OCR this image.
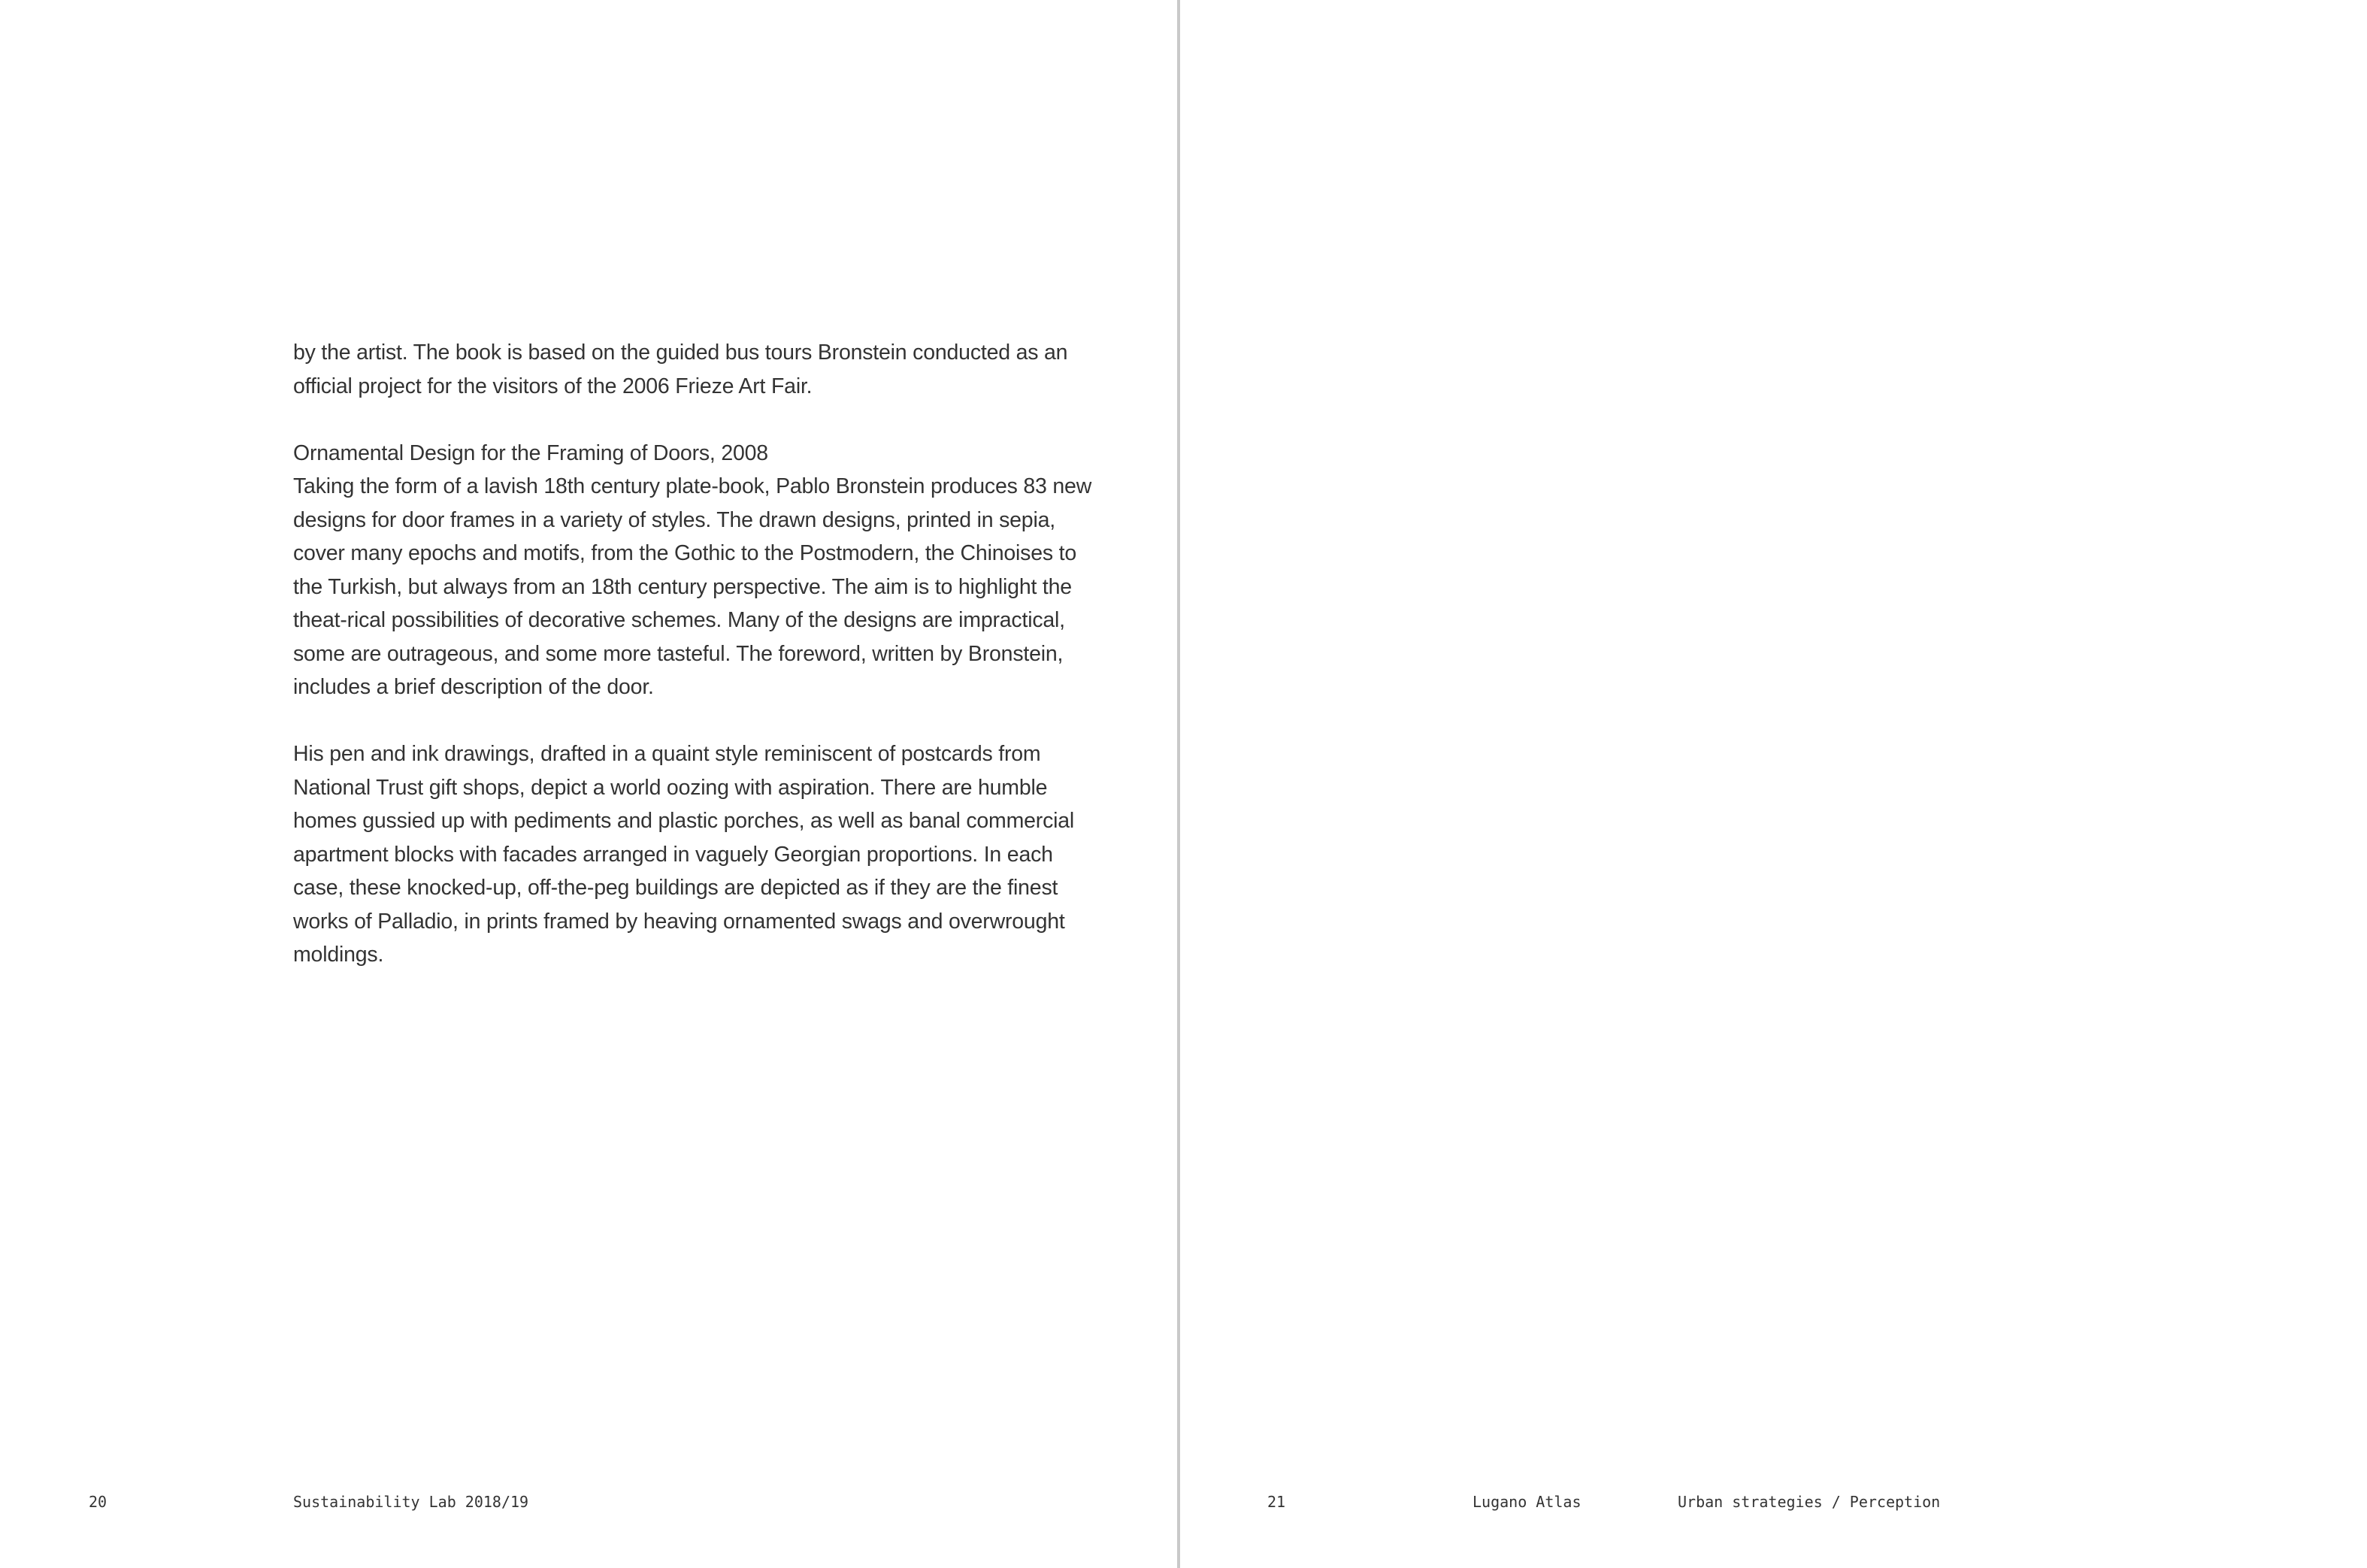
by the artist. The book is based on the guided bus tours Bronstein conducted as an official project for the visitors of the 2006 Frieze Art Fair.

Ornamental Design for the Framing of Doors, 2008
Taking the form of a lavish 18th century plate-book, Pablo Bronstein produces 83 new designs for door frames in a variety of styles. The drawn designs, printed in sepia, cover many epochs and motifs, from the Gothic to the Postmodern, the Chinoises to the Turkish, but always from an 18th century perspective. The aim is to highlight the theat-rical possibilities of decorative schemes. Many of the designs are impractical, some are outrageous, and some more tasteful. The foreword, written by Bronstein, includes a brief description of the door.

His pen and ink drawings, drafted in a quaint style reminiscent of postcards from National Trust gift shops, depict a world oozing with aspiration. There are humble homes gussied up with pediments and plastic porches, as well as banal commercial apartment blocks with facades arranged in vaguely Georgian proportions. In each case, these knocked-up, off-the-peg buildings are depicted as if they are the finest works of Palladio, in prints framed by heaving ornamented swags and overwrought moldings.

20	Sustainability Lab 2018/19	21	Lugano Atlas	Urban strategies / Perception
